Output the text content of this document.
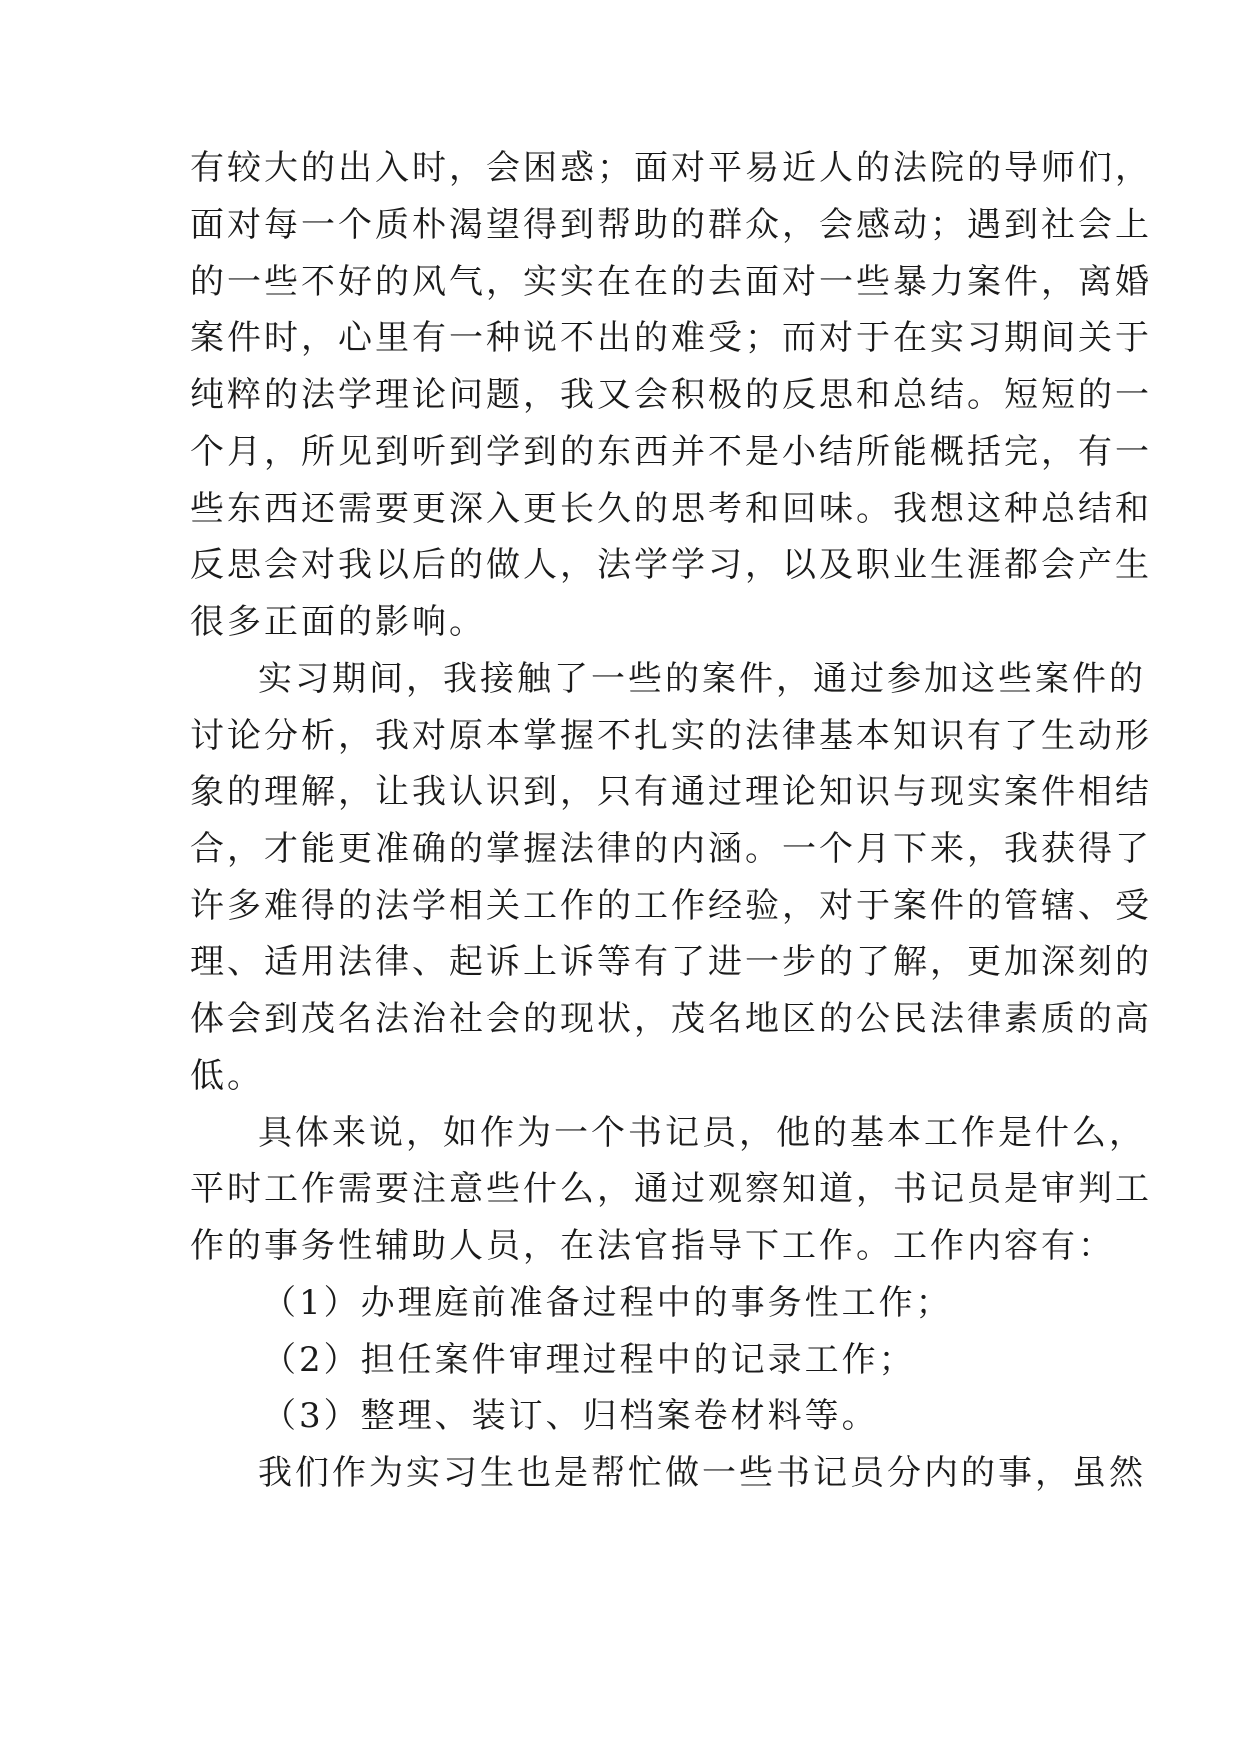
有较大的出入时，会困惑；面对平易近人的法院的导师们，
面对每一个质朴渴望得到帮助的群众，会感动；遇到社会上
的一些不好的风气，实实在在的去面对一些暴力案件，离婚
案件时，心里有一种说不出的难受；而对于在实习期间关于
纯粹的法学理论问题，我又会积极的反思和总结。短短的一
个月，所见到听到学到的东西并不是小结所能概括完，有一
些东西还需要更深入更长久的思考和回味。我想这种总结和
反思会对我以后的做人，法学学习，以及职业生涯都会产生
很多正面的影响。
实习期间，我接触了一些的案件，通过参加这些案件的
讨论分析，我对原本掌握不扎实的法律基本知识有了生动形
象的理解，让我认识到，只有通过理论知识与现实案件相结
合，才能更准确的掌握法律的内涵。一个月下来，我获得了
许多难得的法学相关工作的工作经验，对于案件的管辖、受
理、适用法律、起诉上诉等有了进一步的了解，更加深刻的
体会到茂名法治社会的现状，茂名地区的公民法律素质的高
低。
具体来说，如作为一个书记员，他的基本工作是什么，
平时工作需要注意些什么，通过观察知道，书记员是审判工
作的事务性辅助人员，在法官指导下工作。工作内容有：
（1）办理庭前准备过程中的事务性工作；
（2）担任案件审理过程中的记录工作；
（3）整理、装订、归档案卷材料等。
我们作为实习生也是帮忙做一些书记员分内的事，虽然
